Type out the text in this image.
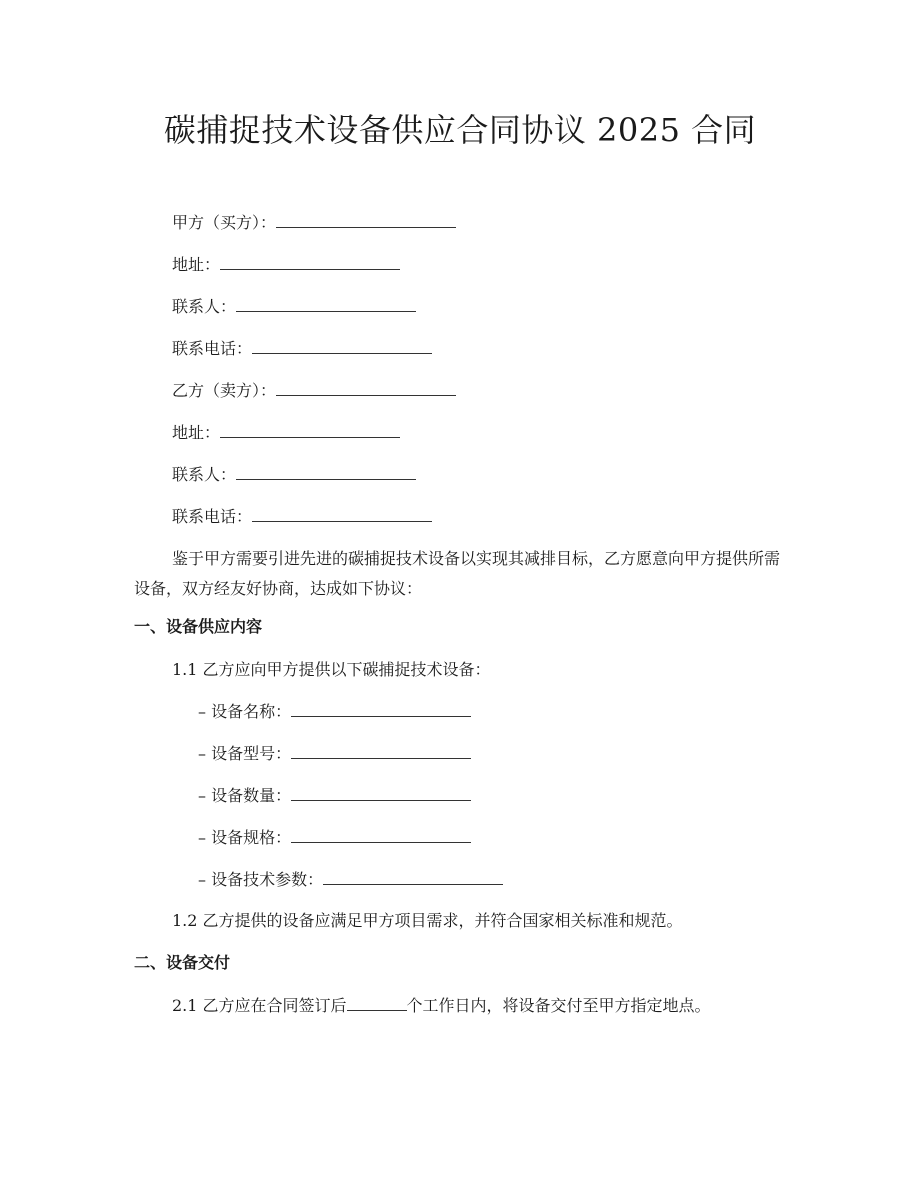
碳捕捉技术设备供应合同协议 2025 合同

甲方（买方）：

地址：

联系人：

联系电话：

乙方（卖方）：

地址：

联系人：

联系电话：

鉴于甲方需要引进先进的碳捕捉技术设备以实现其减排目标，乙方愿意向甲方提供所需设备，双方经友好协商，达成如下协议：

一、设备供应内容

1.1 乙方应向甲方提供以下碳捕捉技术设备：

– 设备名称：

– 设备型号：

– 设备数量：

– 设备规格：

– 设备技术参数：

1.2 乙方提供的设备应满足甲方项目需求，并符合国家相关标准和规范。

二、设备交付

2.1 乙方应在合同签订后	个工作日内，将设备交付至甲方指定地点。
